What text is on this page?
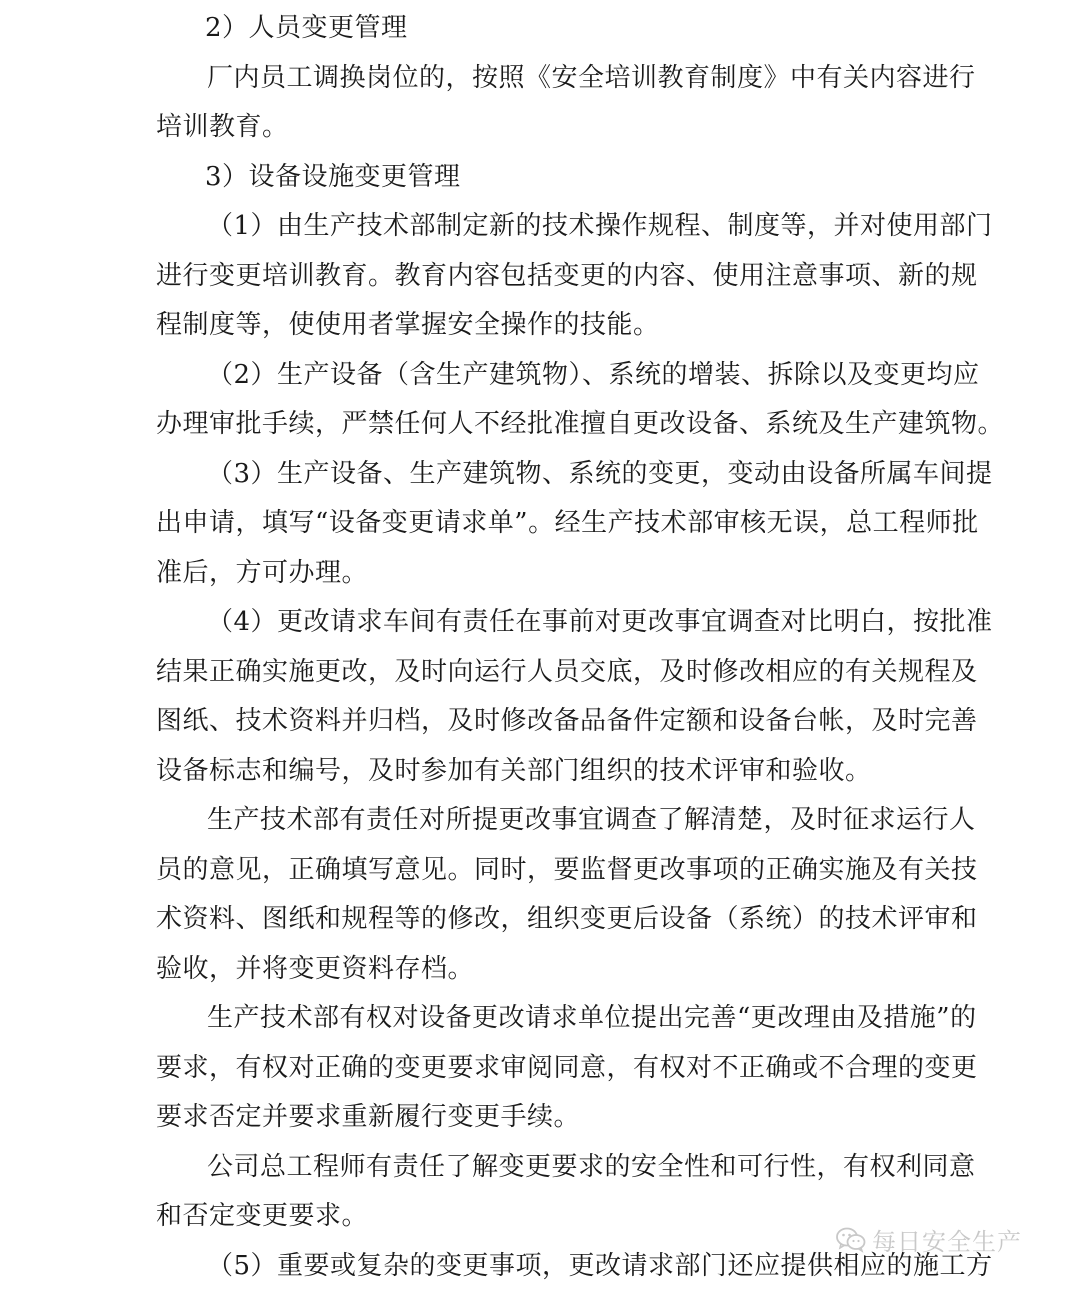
2）人员变更管理
厂内员工调换岗位的，按照《安全培训教育制度》中有关内容进行
培训教育。
3）设备设施变更管理
（1）由生产技术部制定新的技术操作规程、制度等，并对使用部门
进行变更培训教育。教育内容包括变更的内容、使用注意事项、新的规
程制度等，使使用者掌握安全操作的技能。
（2）生产设备（含生产建筑物）、系统的增装、拆除以及变更均应
办理审批手续，严禁任何人不经批准擅自更改设备、系统及生产建筑物。
（3）生产设备、生产建筑物、系统的变更，变动由设备所属车间提
出申请，填写“设备变更请求单”。经生产技术部审核无误，总工程师批
准后，方可办理。
（4）更改请求车间有责任在事前对更改事宜调查对比明白，按批准
结果正确实施更改，及时向运行人员交底，及时修改相应的有关规程及
图纸、技术资料并归档，及时修改备品备件定额和设备台帐，及时完善
设备标志和编号，及时参加有关部门组织的技术评审和验收。
生产技术部有责任对所提更改事宜调查了解清楚，及时征求运行人
员的意见，正确填写意见。同时，要监督更改事项的正确实施及有关技
术资料、图纸和规程等的修改，组织变更后设备（系统）的技术评审和
验收，并将变更资料存档。
生产技术部有权对设备更改请求单位提出完善“更改理由及措施”的
要求，有权对正确的变更要求审阅同意，有权对不正确或不合理的变更
要求否定并要求重新履行变更手续。
公司总工程师有责任了解变更要求的安全性和可行性，有权利同意
和否定变更要求。
（5）重要或复杂的变更事项，更改请求部门还应提供相应的施工方
每日安全生产
